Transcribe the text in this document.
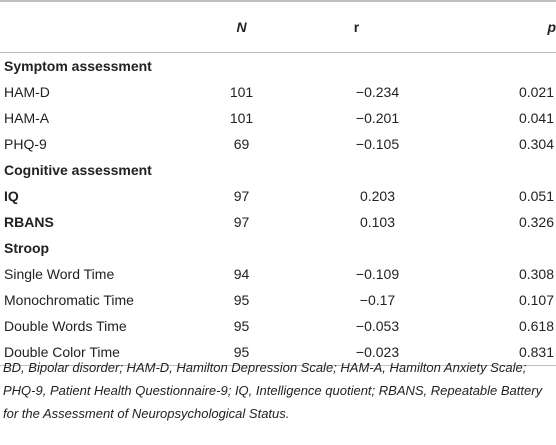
	N	r	p
Symptom assessment			
HAM-D	101	−0.234	0.021
HAM-A	101	−0.201	0.041
PHQ-9	69	−0.105	0.304
Cognitive assessment			
IQ	97	0.203	0.051
RBANS	97	0.103	0.326
Stroop			
Single Word Time	94	−0.109	0.308
Monochromatic Time	95	−0.17	0.107
Double Words Time	95	−0.053	0.618
Double Color Time	95	−0.023	0.831
BD, Bipolar disorder; HAM-D, Hamilton Depression Scale; HAM-A, Hamilton Anxiety Scale; PHQ-9, Patient Health Questionnaire-9; IQ, Intelligence quotient; RBANS, Repeatable Battery for the Assessment of Neuropsychological Status.
